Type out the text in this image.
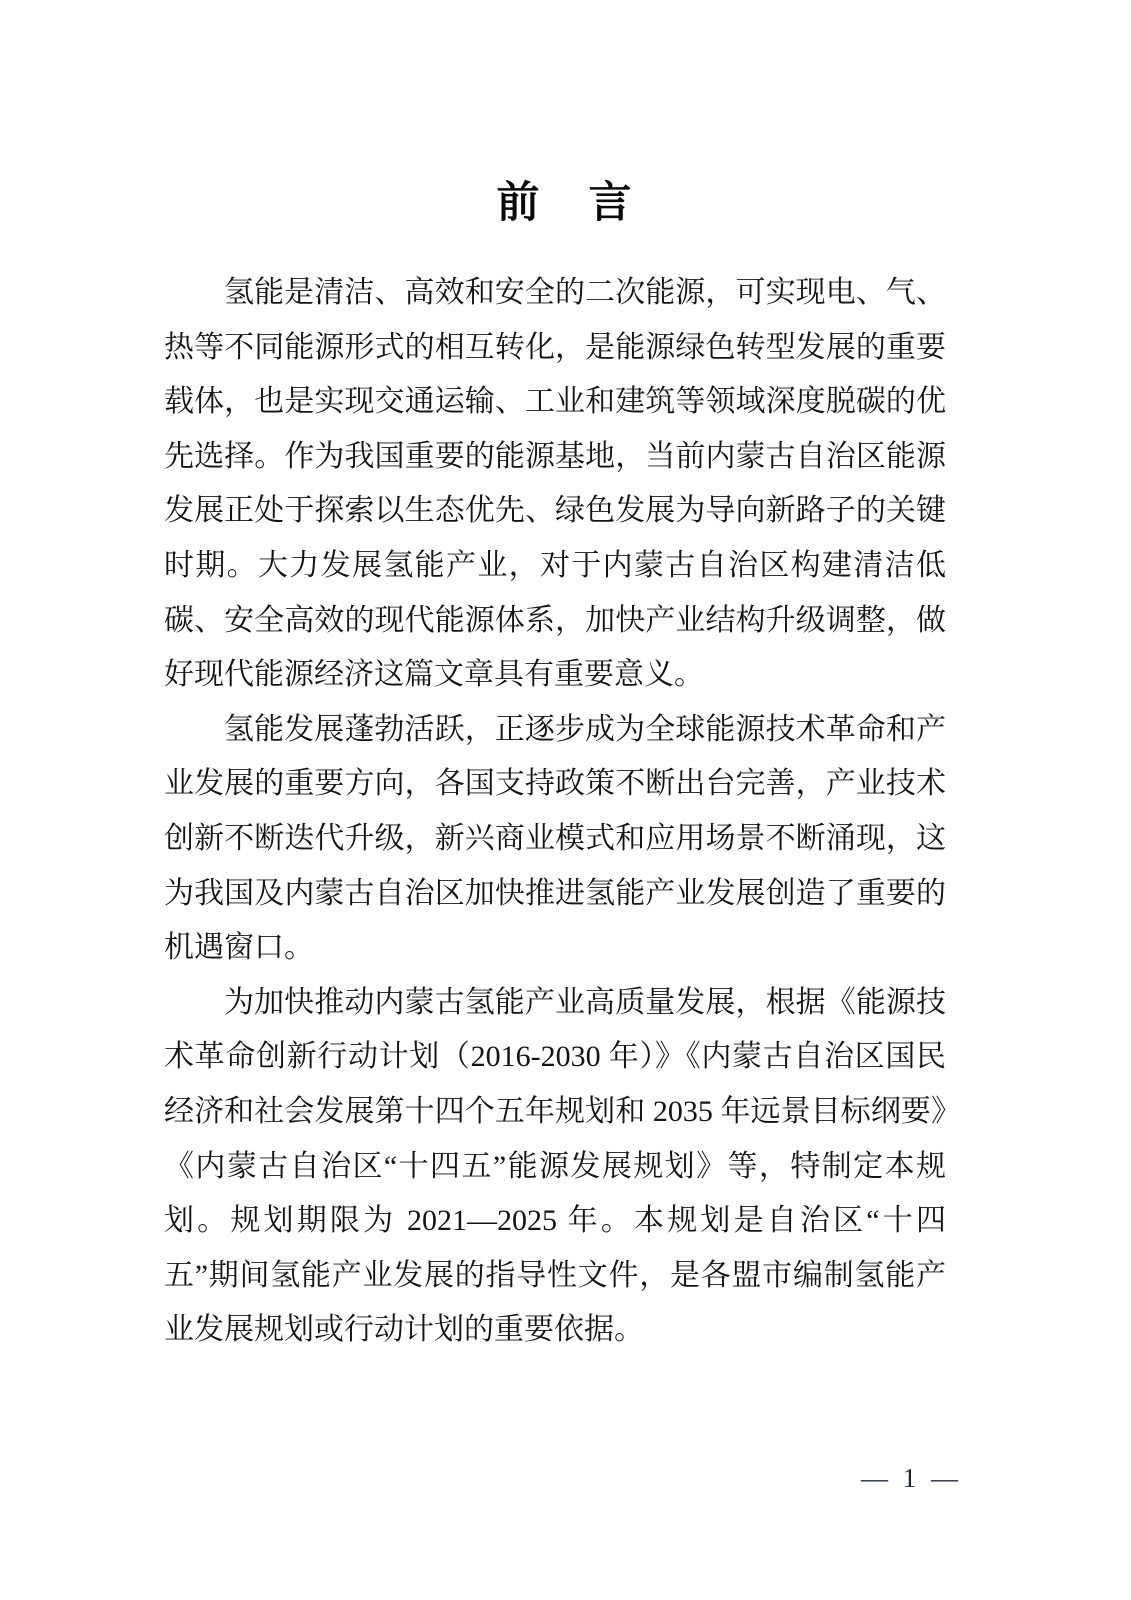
前　言

氢能是清洁、高效和安全的二次能源，可实现电、气、热等不同能源形式的相互转化，是能源绿色转型发展的重要载体，也是实现交通运输、工业和建筑等领域深度脱碳的优先选择。作为我国重要的能源基地，当前内蒙古自治区能源发展正处于探索以生态优先、绿色发展为导向新路子的关键时期。大力发展氢能产业，对于内蒙古自治区构建清洁低碳、安全高效的现代能源体系，加快产业结构升级调整，做好现代能源经济这篇文章具有重要意义。

氢能发展蓬勃活跃，正逐步成为全球能源技术革命和产业发展的重要方向，各国支持政策不断出台完善，产业技术创新不断迭代升级，新兴商业模式和应用场景不断涌现，这为我国及内蒙古自治区加快推进氢能产业发展创造了重要的机遇窗口。

为加快推动内蒙古氢能产业高质量发展，根据《能源技术革命创新行动计划（2016-2030 年）》《内蒙古自治区国民经济和社会发展第十四个五年规划和 2035 年远景目标纲要》《内蒙古自治区“十四五”能源发展规划》等，特制定本规划。规划期限为 2021—2025 年。本规划是自治区“十四五”期间氢能产业发展的指导性文件，是各盟市编制氢能产业发展规划或行动计划的重要依据。

— 1 —
